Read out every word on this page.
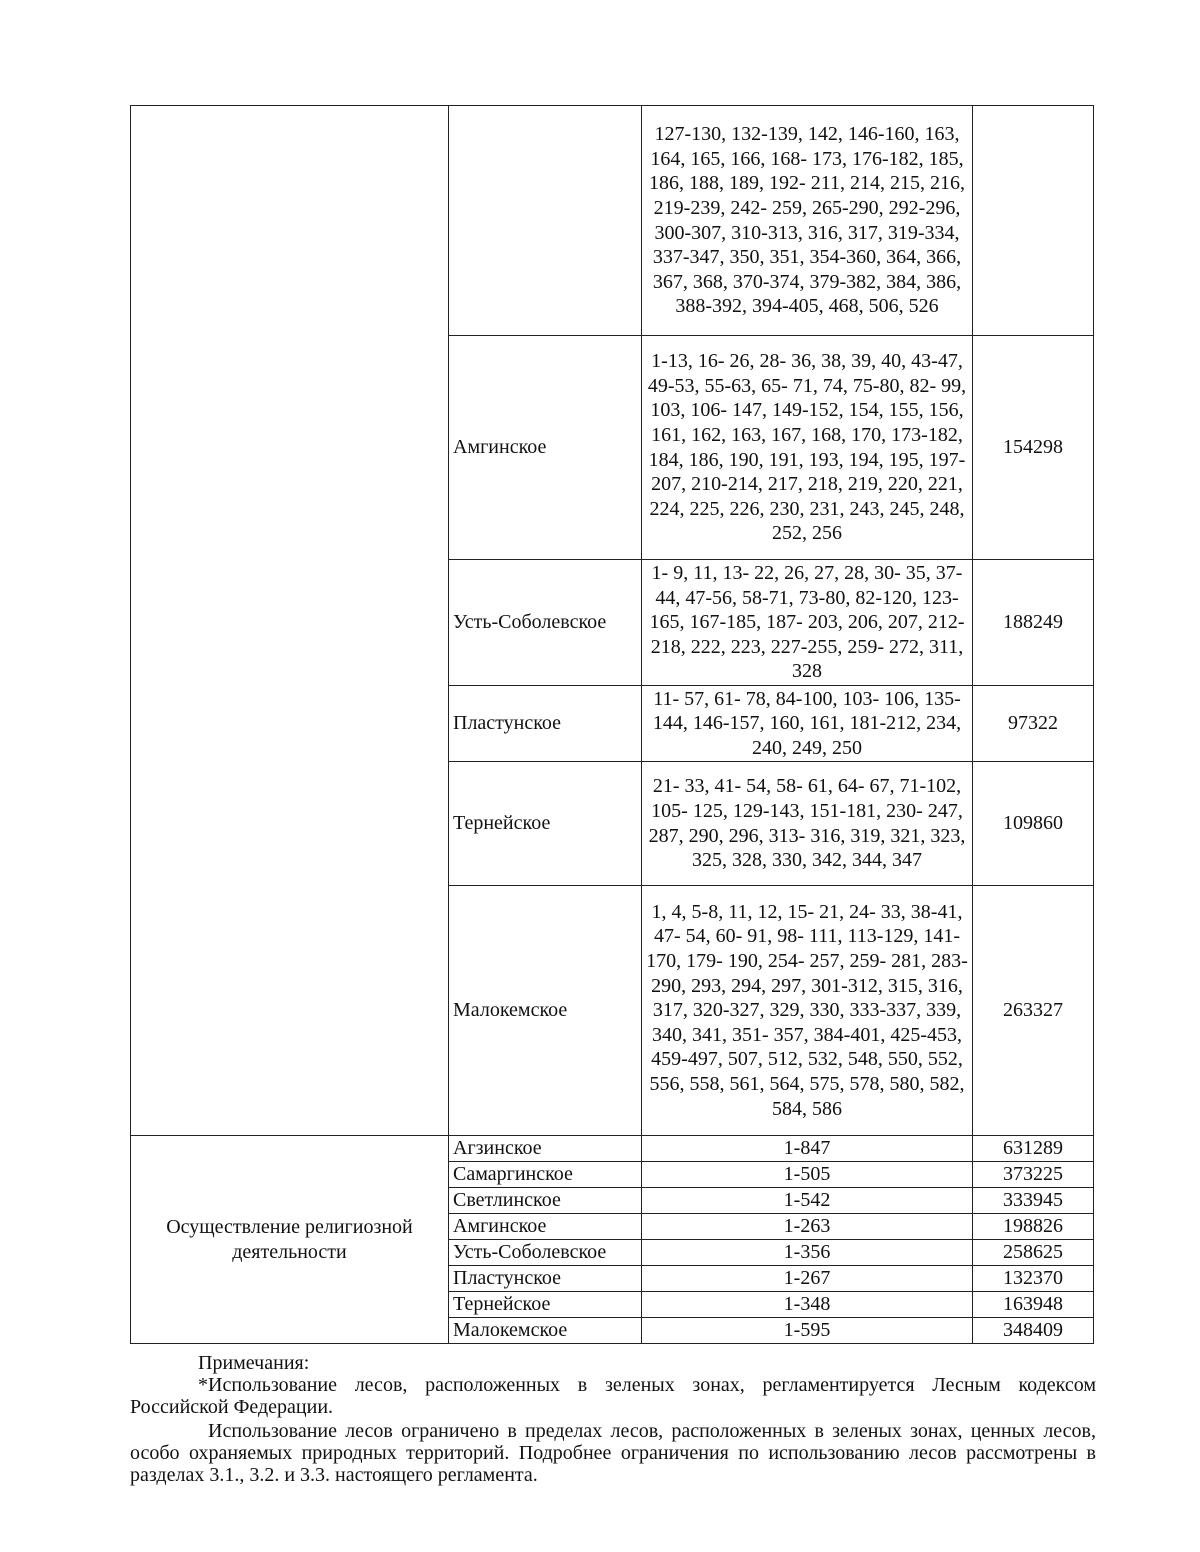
		127-130, 132-139, 142, 146-160, 163, 164, 165, 166, 168- 173, 176-182, 185, 186, 188, 189, 192- 211, 214, 215, 216, 219-239, 242- 259, 265-290, 292-296, 300-307, 310-313, 316, 317, 319-334, 337-347, 350, 351, 354-360, 364, 366, 367, 368, 370-374, 379-382, 384, 386, 388-392, 394-405, 468, 506, 526	
	Амгинское	1-13, 16- 26, 28- 36, 38, 39, 40, 43-47, 49-53, 55-63, 65- 71, 74, 75-80, 82- 99, 103, 106- 147, 149-152, 154, 155, 156, 161, 162, 163, 167, 168, 170, 173-182, 184, 186, 190, 191, 193, 194, 195, 197- 207, 210-214, 217, 218, 219, 220, 221, 224, 225, 226, 230, 231, 243, 245, 248, 252, 256	154298
	Усть-Соболевское	1- 9, 11, 13- 22, 26, 27, 28, 30- 35, 37- 44, 47-56, 58-71, 73-80, 82-120, 123- 165, 167-185, 187- 203, 206, 207, 212- 218, 222, 223, 227-255, 259- 272, 311, 328	188249
	Пластунское	11- 57, 61- 78, 84-100, 103- 106, 135-144, 146-157, 160, 161, 181-212, 234, 240, 249, 250	97322
	Тернейское	21- 33, 41- 54, 58- 61, 64- 67, 71-102, 105- 125, 129-143, 151-181, 230- 247, 287, 290, 296, 313- 316, 319, 321, 323, 325, 328, 330, 342, 344, 347	109860
	Малокемское	1, 4, 5-8, 11, 12, 15- 21, 24- 33, 38-41, 47- 54, 60- 91, 98- 111, 113-129, 141- 170, 179- 190, 254- 257, 259- 281, 283- 290, 293, 294, 297, 301-312, 315, 316, 317, 320-327, 329, 330, 333-337, 339, 340, 341, 351- 357, 384-401, 425-453, 459-497, 507, 512, 532, 548, 550, 552, 556, 558, 561, 564, 575, 578, 580, 582, 584, 586	263327
Осуществление религиозной деятельности	Агзинское	1-847	631289
	Самаргинское	1-505	373225
	Светлинское	1-542	333945
	Амгинское	1-263	198826
	Усть-Соболевское	1-356	258625
	Пластунское	1-267	132370
	Тернейское	1-348	163948
	Малокемское	1-595	348409

Примечания:

*Использование лесов, расположенных в зеленых зонах, регламентируется Лесным кодексом Российской Федерации.

Использование лесов ограничено в пределах лесов, расположенных в зеленых зонах, ценных лесов, особо охраняемых природных территорий. Подробнее ограничения по использованию лесов рассмотрены в разделах 3.1., 3.2. и 3.3. настоящего регламента.
